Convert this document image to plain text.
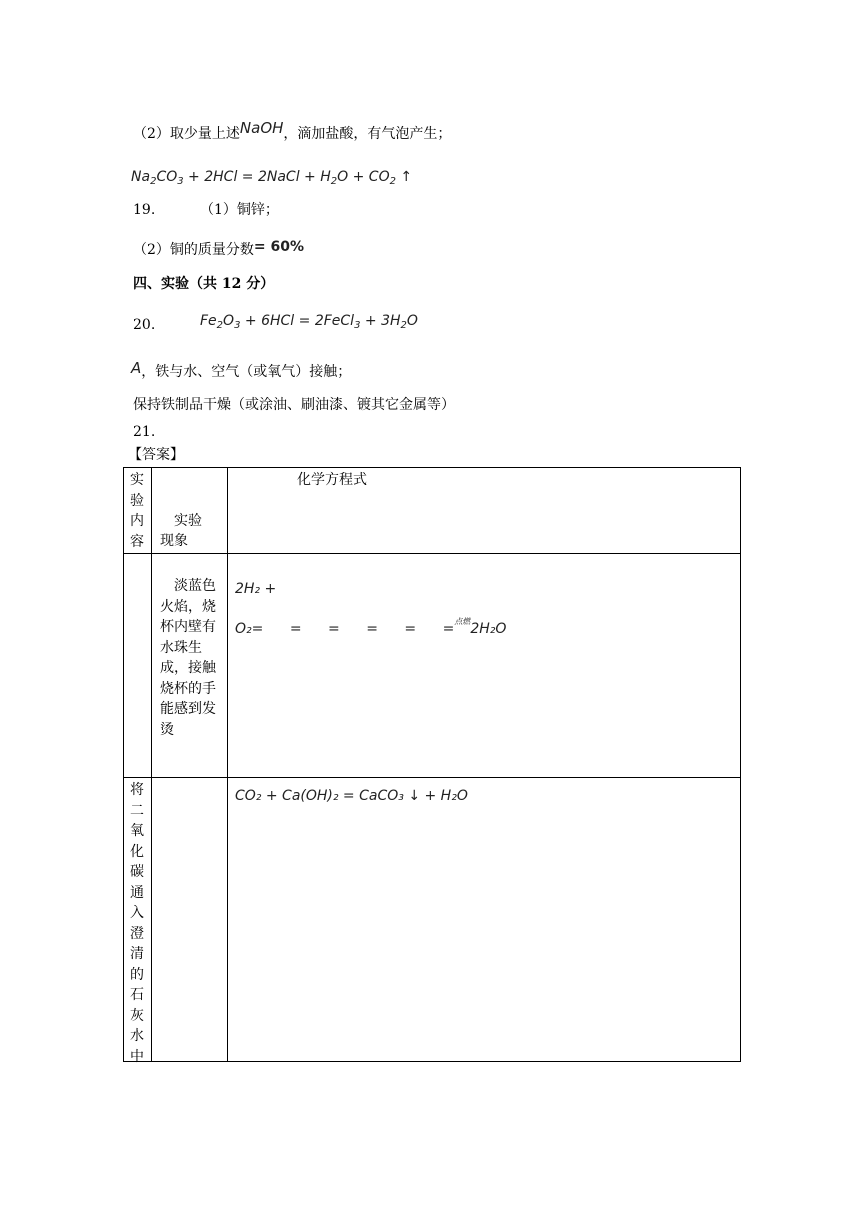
（2）取少量上述NaOH，滴加盐酸，有气泡产生；
$Na_2CO_3 + 2HCl$ = 2NaCl + $H_2O + CO_2$ ↑
19.	（1）铜锌；
（2）铜的质量分数= 60%
四、实验（共 12 分）
20.	$Fe_2O_3 + 6HCl$ = 2FeCl$_3$ + $3H_2O$
A，铁与水、空气（或氧气）接触；
保持铁制品干燥（或涂油、刷油漆、镀其它金属等）
21.
【答案】
实
验
内
容

实验
现象

化学方程式
淡蓝色火焰，烧杯内壁有水珠生成，接触烧杯的手能感到发烫
2H₂ +
O₂= = = = = =$^{点燃}$2H₂O
将
二
氧
化
碳
通
入
澄
清
的
石
灰
水
中
CO₂ + Ca(OH)₂ = CaCO₃ ↓ + H₂O
